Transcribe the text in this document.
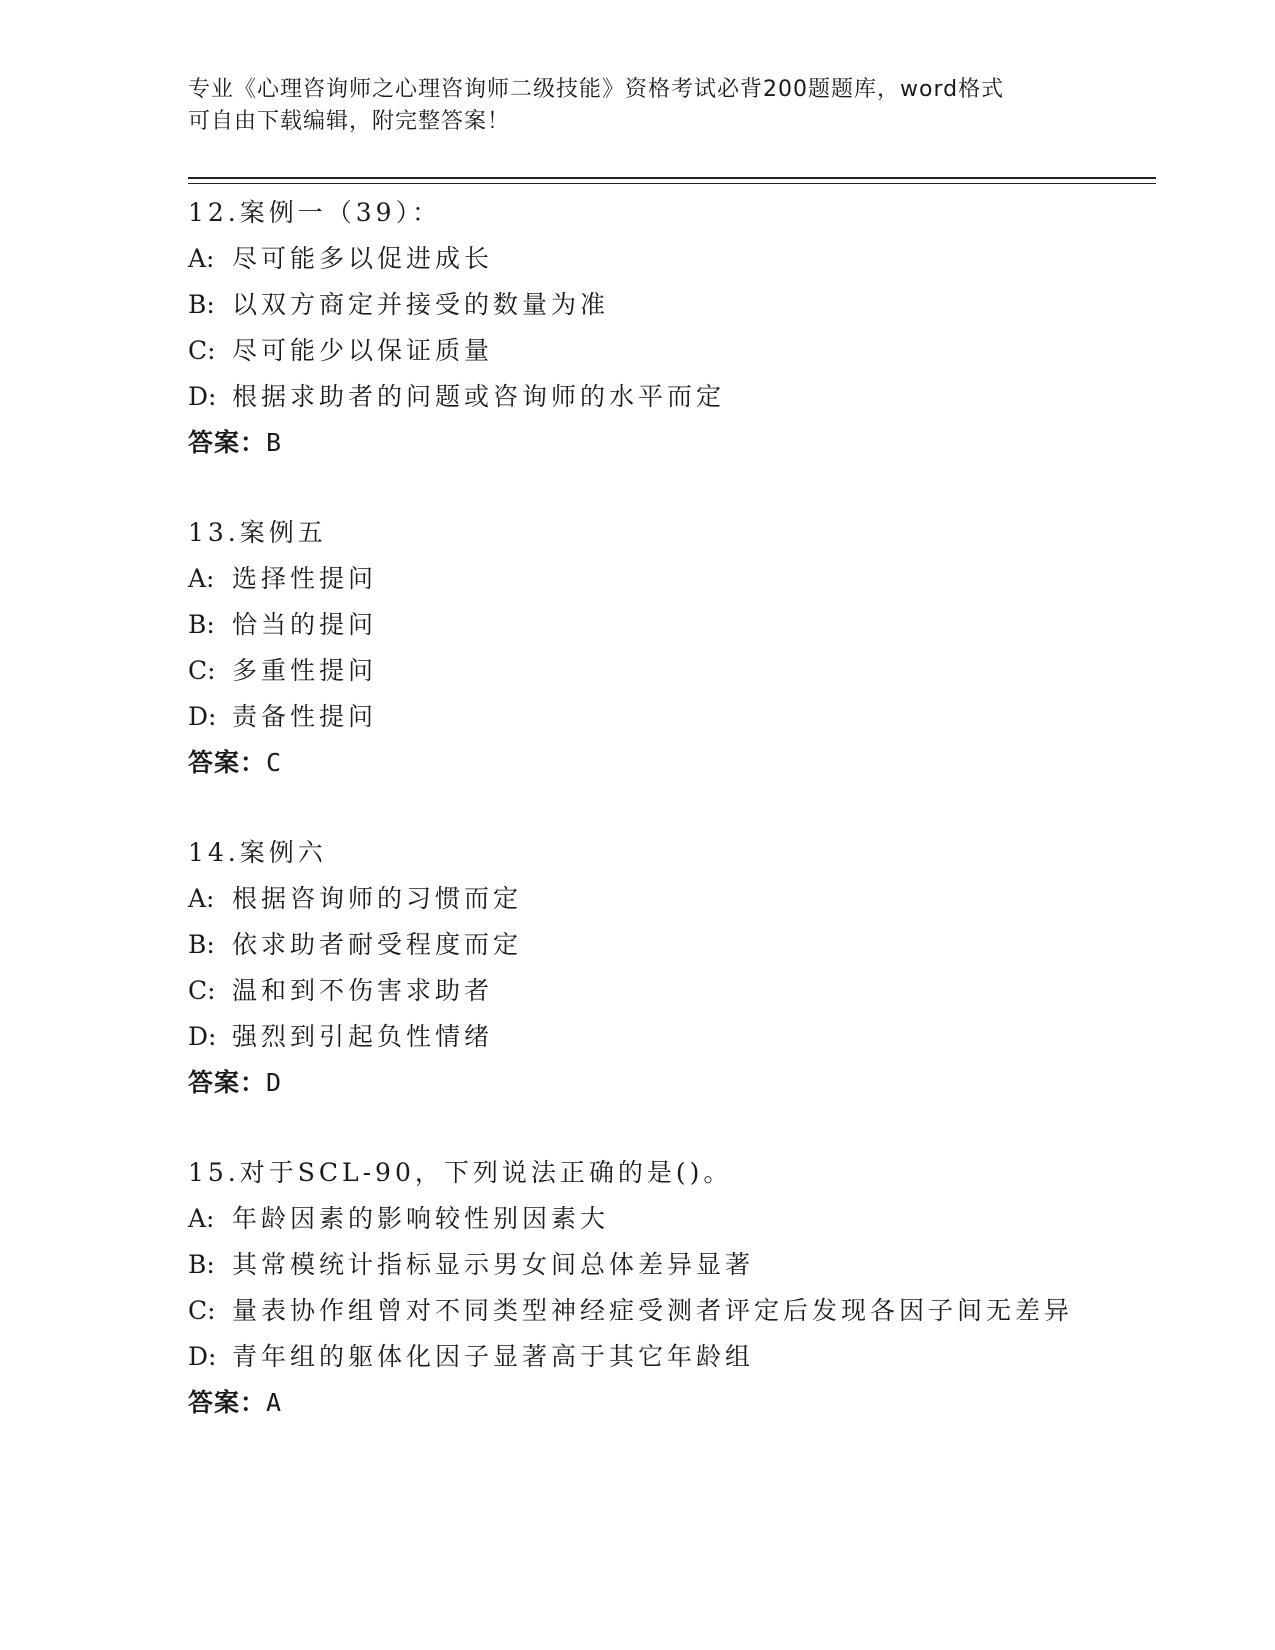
专业《心理咨询师之心理咨询师二级技能》资格考试必背200题题库，word格式
可自由下载编辑，附完整答案！
12.案例一（39）：
A: 尽可能多以促进成长
B: 以双方商定并接受的数量为准
C: 尽可能少以保证质量
D: 根据求助者的问题或咨询师的水平而定
答案：B
13.案例五
A: 选择性提问
B: 恰当的提问
C: 多重性提问
D: 责备性提问
答案：C
14.案例六
A: 根据咨询师的习惯而定
B: 依求助者耐受程度而定
C: 温和到不伤害求助者
D: 强烈到引起负性情绪
答案：D
15.对于SCL-90，下列说法正确的是()。
A: 年龄因素的影响较性别因素大
B: 其常模统计指标显示男女间总体差异显著
C: 量表协作组曾对不同类型神经症受测者评定后发现各因子间无差异
D: 青年组的躯体化因子显著高于其它年龄组
答案：A
